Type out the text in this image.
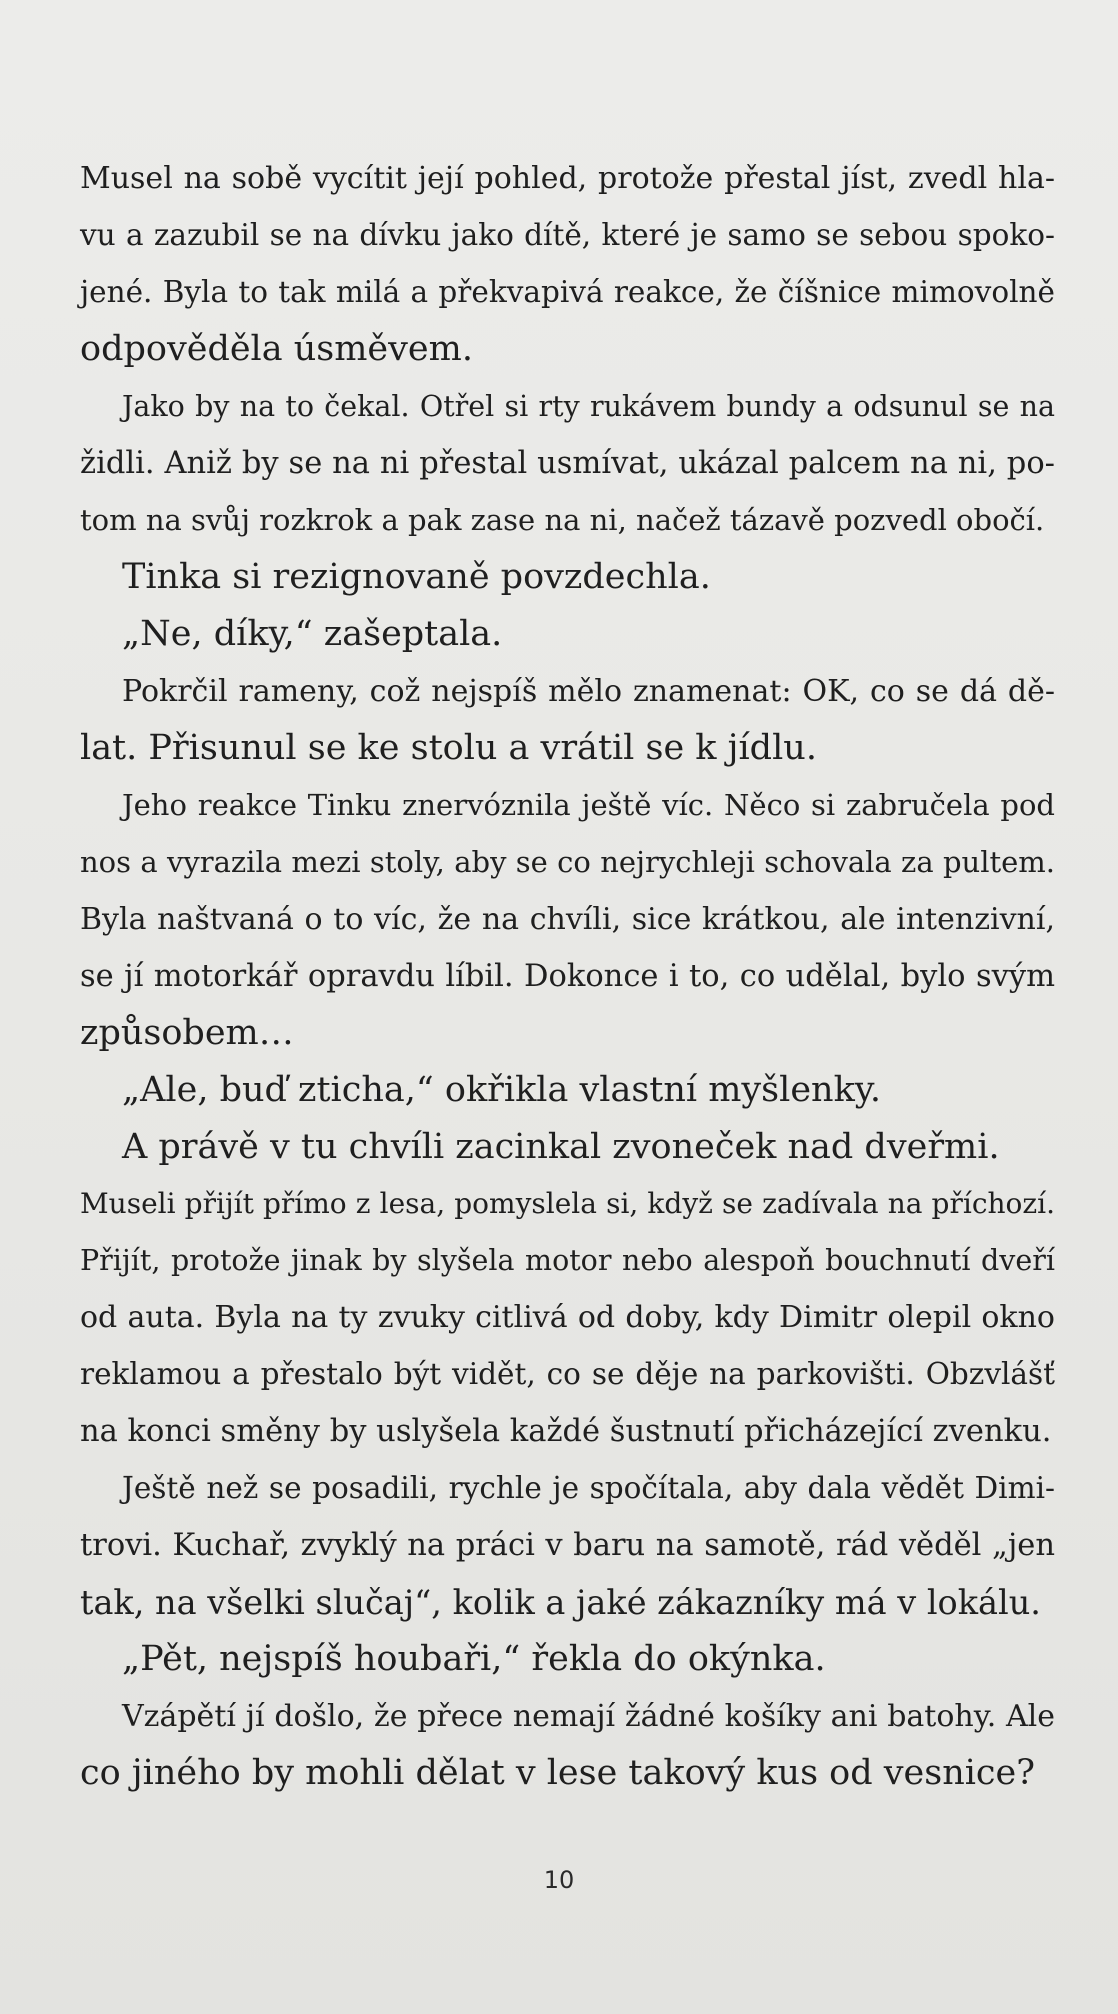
Musel na sobě vycítit její pohled, protože přestal jíst, zvedl hla-
vu a zazubil se na dívku jako dítě, které je samo se sebou spoko-
jené. Byla to tak milá a překvapivá reakce, že číšnice mimovolně
odpověděla úsměvem.
Jako by na to čekal. Otřel si rty rukávem bundy a odsunul se na
židli. Aniž by se na ni přestal usmívat, ukázal palcem na ni, po-
tom na svůj rozkrok a pak zase na ni, načež tázavě pozvedl obočí.
Tinka si rezignovaně povzdechla.
„Ne, díky,“ zašeptala.
Pokrčil rameny, což nejspíš mělo znamenat: OK, co se dá dě-
lat. Přisunul se ke stolu a vrátil se k jídlu.
Jeho reakce Tinku znervóznila ještě víc. Něco si zabručela pod
nos a vyrazila mezi stoly, aby se co nejrychleji schovala za pultem.
Byla naštvaná o to víc, že na chvíli, sice krátkou, ale intenzivní,
se jí motorkář opravdu líbil. Dokonce i to, co udělal, bylo svým
způsobem…
„Ale, buď zticha,“ okřikla vlastní myšlenky.
A právě v tu chvíli zacinkal zvoneček nad dveřmi.
Museli přijít přímo z lesa, pomyslela si, když se zadívala na příchozí.
Přijít, protože jinak by slyšela motor nebo alespoň bouchnutí dveří
od auta. Byla na ty zvuky citlivá od doby, kdy Dimitr olepil okno
reklamou a přestalo být vidět, co se děje na parkovišti. Obzvlášť
na konci směny by uslyšela každé šustnutí přicházející zvenku.
Ještě než se posadili, rychle je spočítala, aby dala vědět Dimi-
trovi. Kuchař, zvyklý na práci v baru na samotě, rád věděl „jen
tak, na všelki slučaj“, kolik a jaké zákazníky má v lokálu.
„Pět, nejspíš houbaři,“ řekla do okýnka.
Vzápětí jí došlo, že přece nemají žádné košíky ani batohy. Ale
co jiného by mohli dělat v lese takový kus od vesnice?
10
